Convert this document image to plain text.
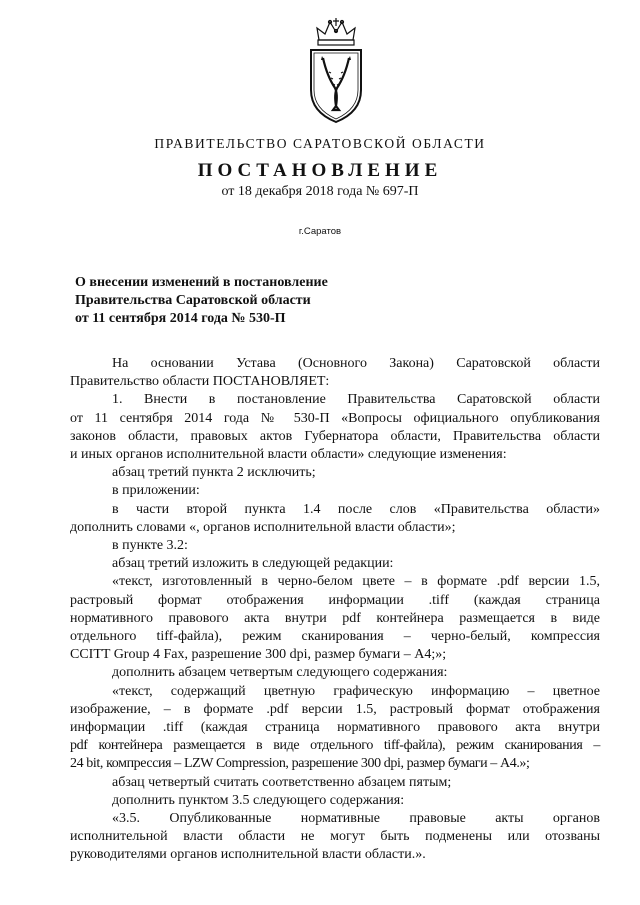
ПРАВИТЕЛЬСТВО САРАТОВСКОЙ ОБЛАСТИ
ПОСТАНОВЛЕНИЕ
от 18 декабря 2018 года № 697-П
г.Саратов
О внесении изменений в постановление
Правительства Саратовской области
от 11 сентября 2014 года № 530-П

На основании Устава (Основного Закона) Саратовской области
Правительство области ПОСТАНОВЛЯЕТ:

1. Внести в постановление Правительства Саратовской области
от 11 сентября 2014 года № 530-П «Вопросы официального опубликования
законов области, правовых актов Губернатора области, Правительства области
и иных органов исполнительной власти области» следующие изменения:

абзац третий пункта 2 исключить;

в приложении:

в части второй пункта 1.4 после слов «Правительства области»
дополнить словами «, органов исполнительной власти области»;

в пункте 3.2:

абзац третий изложить в следующей редакции:

«текст, изготовленный в черно-белом цвете – в формате .pdf версии 1.5,
растровый формат отображения информации .tiff (каждая страница
нормативного правового акта внутри pdf контейнера размещается в виде
отдельного tiff-файла), режим сканирования – черно-белый, компрессия
CCITT Group 4 Fax, разрешение 300 dpi, размер бумаги – A4;»;

дополнить абзацем четвертым следующего содержания:

«текст, содержащий цветную графическую информацию – цветное
изображение, – в формате .pdf версии 1.5, растровый формат отображения
информации .tiff (каждая страница нормативного правового акта внутри
pdf контейнера размещается в виде отдельного tiff-файла), режим сканирования –
24 bit, компрессия – LZW Compression, разрешение 300 dpi, размер бумаги – A4.»;

абзац четвертый считать соответственно абзацем пятым;

дополнить пунктом 3.5 следующего содержания:

«3.5. Опубликованные нормативные правовые акты органов
исполнительной власти области не могут быть подменены или отозваны
руководителями органов исполнительной власти области.».
